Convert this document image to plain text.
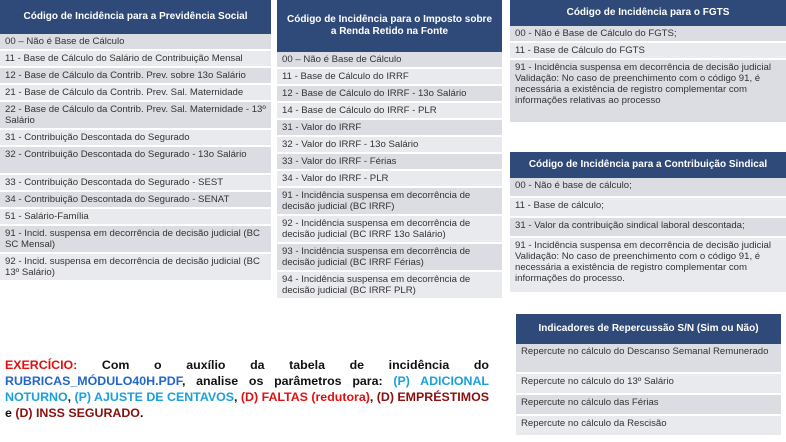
Código de Incidência para a Previdência Social
00 – Não é Base de Cálculo
11 - Base de Cálculo do Salário de Contribuição Mensal
12 - Base de Cálculo da Contrib. Prev. sobre 13o Salário
21 - Base de Cálculo da Contrib. Prev. Sal. Maternidade
22 - Base de Cálculo da Contrib. Prev. Sal. Maternidade - 13º Salário
31 - Contribuição Descontada do Segurado
32 - Contribuição Descontada do Segurado - 13o Salário
33 - Contribuição Descontada do Segurado - SEST
34 - Contribuição Descontada do Segurado - SENAT
51 - Salário-Família
91 - Incid. suspensa em decorrência de decisão judicial (BC SC Mensal)
92 - Incid. suspensa em decorrência de decisão judicial (BC 13º Salário)
Código de Incidência para o Imposto sobre a Renda Retido na Fonte
00 – Não é Base de Cálculo
11 - Base de Cálculo do IRRF
12 - Base de Cálculo do IRRF - 13o Salário
14 - Base de Cálculo do IRRF - PLR
31 - Valor do IRRF
32 - Valor do IRRF - 13o Salário
33 - Valor do IRRF - Férias
34 - Valor do IRRF - PLR
91 - Incidência suspensa em decorrência de decisão judicial (BC IRRF)
92 - Incidência suspensa em decorrência de decisão judicial (BC IRRF 13o Salário)
93 - Incidência suspensa em decorrência de decisão judicial (BC IRRF Férias)
94 - Incidência suspensa em decorrência de decisão judicial (BC IRRF PLR)
Código de Incidência para o FGTS
00 - Não é Base de Cálculo do FGTS;
11 - Base de Cálculo do FGTS
91 - Incidência suspensa em decorrência de decisão judicial Validação: No caso de preenchimento com o código 91, é necessária a existência de registro complementar com informações relativas ao processo
Código de Incidência para a Contribuição Sindical
00 - Não é base de cálculo;
11 - Base de cálculo;
31 - Valor da contribuição sindical laboral descontada;
91 - Incidência suspensa em decorrência de decisão judicial Validação: No caso de preenchimento com o código 91, é necessária a existência de registro complementar com informações do processo.
Indicadores de Repercussão S/N (Sim ou Não)
Repercute no cálculo do Descanso Semanal Remunerado
Repercute no cálculo do 13º Salário
Repercute no cálculo das Férias
Repercute no cálculo da Rescisão
EXERCÍCIO: Com o auxílio da tabela de incidência do RUBRICAS_MÓDULO40H.PDF, analise os parâmetros para: (P) ADICIONAL NOTURNO, (P) AJUSTE DE CENTAVOS, (D) FALTAS (redutora), (D) EMPRÉSTIMOS e (D) INSS SEGURADO.
